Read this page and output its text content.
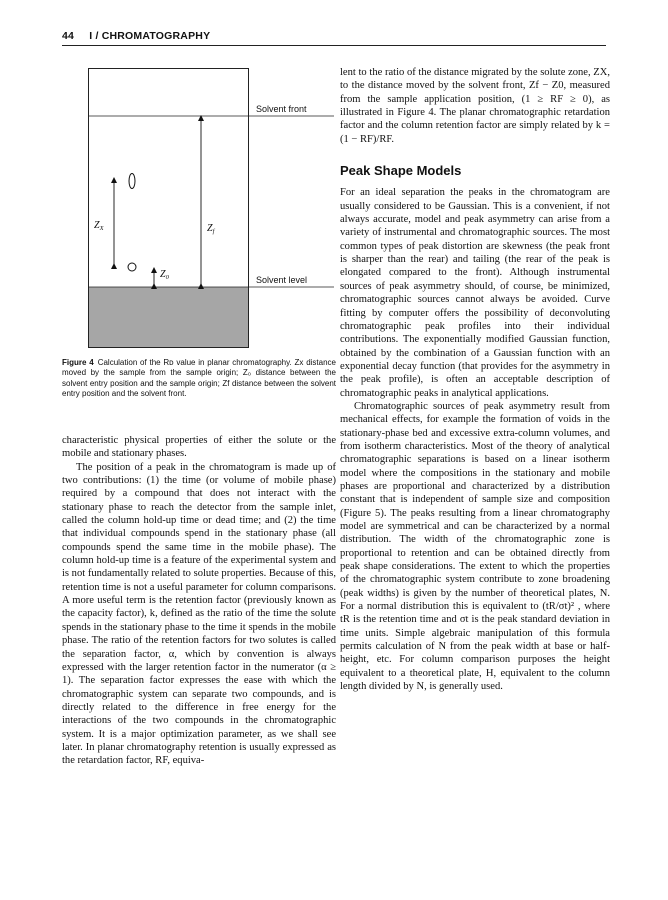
44 I / CHROMATOGRAPHY
$Z_X$	$Z_f$
$Z_0$
Solvent front
Solvent level
Figure 4 Calculation of the Rᴅ value in planar chromatography. Zx distance moved by the sample from the sample origin; Z₀ distance between the solvent entry position and the sample origin; Zf distance between the solvent entry position and the solvent front.

characteristic physical properties of either the solute or the mobile and stationary phases.

The position of a peak in the chromatogram is made up of two contributions: (1) the time (or volume of mobile phase) required by a compound that does not interact with the stationary phase to reach the detector from the sample inlet, called the column hold-up time or dead time; and (2) the time that individual compounds spend in the stationary phase (all compounds spend the same time in the mobile phase). The column hold-up time is a feature of the experimental system and is not fundamentally related to solute properties. Because of this, retention time is not a useful parameter for column comparisons. A more useful term is the retention factor (previously known as the capacity factor), k, defined as the ratio of the time the solute spends in the stationary phase to the time it spends in the mobile phase. The ratio of the retention factors for two solutes is called the separation factor, α, which by convention is always expressed with the larger retention factor in the numerator (α ≥ 1). The separation factor expresses the ease with which the chromatographic system can separate two compounds, and is directly related to the difference in free energy for the interactions of the two compounds in the chromatographic system. It is a major optimization parameter, as we shall see later. In planar chromatography retention is usually expressed as the retardation factor, RF, equiva-

lent to the ratio of the distance migrated by the solute zone, ZX, to the distance moved by the solvent front, Zf − Z0, measured from the sample application position, (1 ≥ RF ≥ 0), as illustrated in Figure 4. The planar chromatographic retardation factor and the column retention factor are simply related by k = (1 − RF)/RF.

Peak Shape Models

For an ideal separation the peaks in the chromatogram are usually considered to be Gaussian. This is a convenient, if not always accurate, model and peak asymmetry can arise from a variety of instrumental and chromatographic sources. The most common types of peak distortion are skewness (the peak front is sharper than the rear) and tailing (the rear of the peak is elongated compared to the front). Although instrumental sources of peak asymmetry should, of course, be minimized, chromatographic sources cannot always be avoided. Curve fitting by computer offers the possibility of deconvoluting chromatographic peak profiles into their individual contributions. The exponentially modified Gaussian function, obtained by the combination of a Gaussian function with an exponential decay function (that provides for the asymmetry in the peak profile), is often an acceptable description of chromatographic peaks in analytical applications.

Chromatographic sources of peak asymmetry result from mechanical effects, for example the formation of voids in the stationary-phase bed and excessive extra-column volumes, and from isotherm characteristics. Most of the theory of analytical chromatographic separations is based on a linear isotherm model where the compositions in the stationary and mobile phases are proportional and characterized by a distribution constant that is independent of sample size and composition (Figure 5). The peaks resulting from a linear chromatography model are symmetrical and can be characterized by a normal distribution. The width of the chromatographic zone is proportional to retention and can be obtained directly from peak shape considerations. The extent to which the properties of the chromatographic system contribute to zone broadening (peak widths) is given by the number of theoretical plates, N. For a normal distribution this is equivalent to (tR/σt)² , where tR is the retention time and σt is the peak standard deviation in time units. Simple algebraic manipulation of this formula permits calculation of N from the peak width at base or half-height, etc. For column comparison purposes the height equivalent to a theoretical plate, H, equivalent to the column length divided by N, is generally used.
